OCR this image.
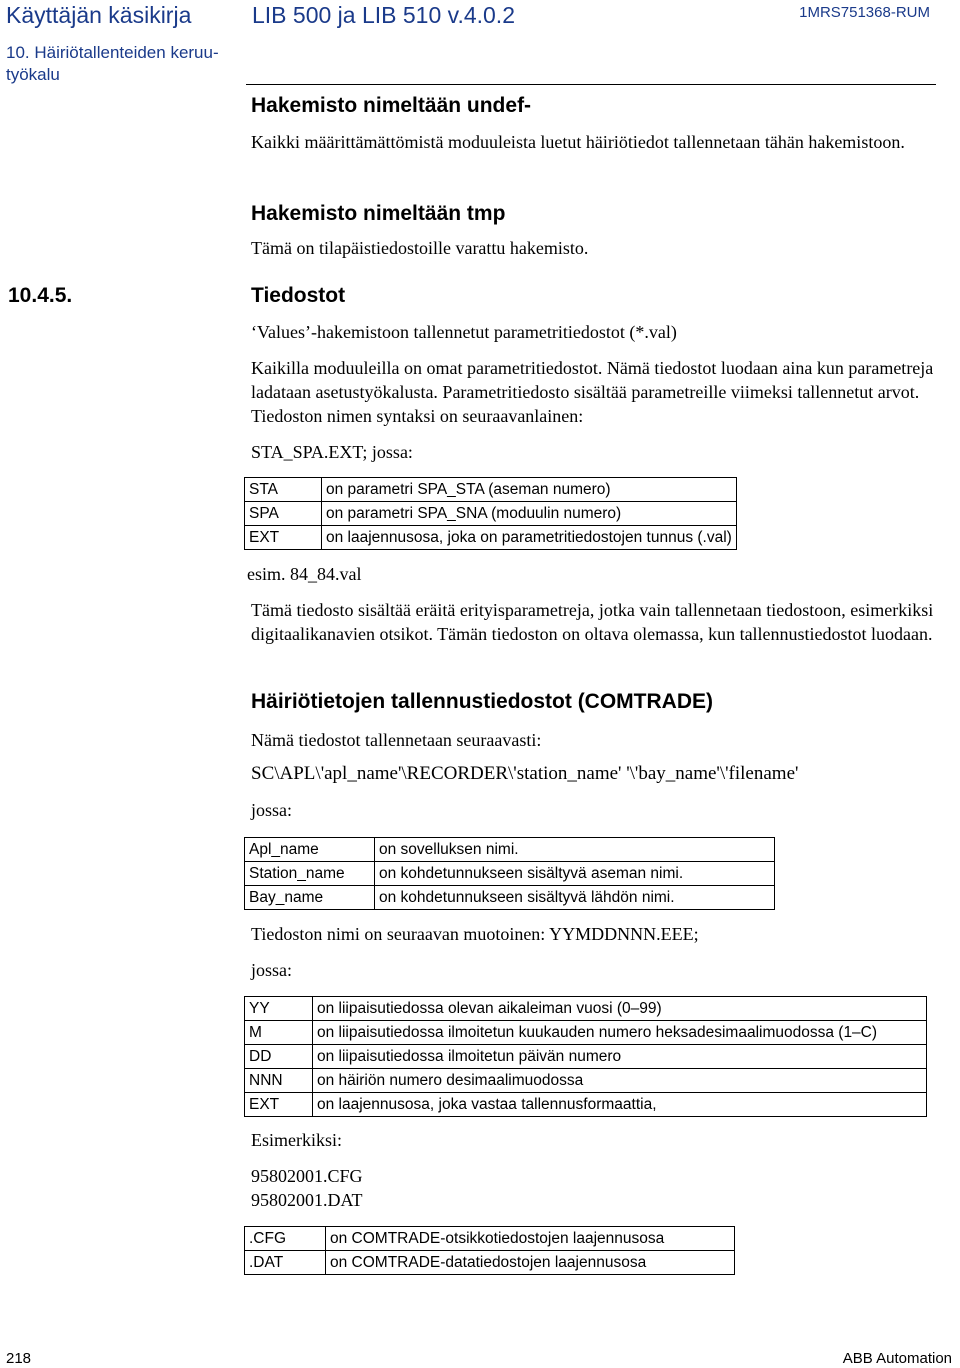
Käyttäjän käsikirja	LIB 500 ja LIB 510 v.4.0.2	1MRS751368-RUM
10. Häiriötallenteiden keruu-työkalu
Hakemisto nimeltään undef-
Kaikki määrittämättömistä moduuleista luetut häiriötiedot tallennetaan tähän hakemistoon.
Hakemisto nimeltään tmp
Tämä on tilapäistiedostoille varattu hakemisto.
10.4.5.	Tiedostot
‘Values’-hakemistoon tallennetut parametritiedostot (*.val)
Kaikilla moduuleilla on omat parametritiedostot. Nämä tiedostot luodaan aina kun parametreja ladataan asetustyökalusta. Parametritiedosto sisältää parametreille viimeksi tallennetut arvot. Tiedoston nimen syntaksi on seuraavanlainen:
STA_SPA.EXT; jossa:
STA	on parametri SPA_STA (aseman numero)
SPA	on parametri SPA_SNA (moduulin numero)
EXT	on laajennusosa, joka on parametritiedostojen tunnus (.val)
esim. 84_84.val
Tämä tiedosto sisältää eräitä erityisparametreja, jotka vain tallennetaan tiedostoon, esimerkiksi digitaalikanavien otsikot. Tämän tiedoston on oltava olemassa, kun tallennustiedostot luodaan.
Häiriötietojen tallennustiedostot (COMTRADE)
Nämä tiedostot tallennetaan seuraavasti:
SC\APL\'apl_name'\RECORDER\'station_name' '\'bay_name'\'filename'
jossa:
Apl_name	on sovelluksen nimi.
Station_name	on kohdetunnukseen sisältyvä aseman nimi.
Bay_name	on kohdetunnukseen sisältyvä lähdön nimi.
Tiedoston nimi on seuraavan muotoinen: YYMDDNNN.EEE;
jossa:
YY	on liipaisutiedossa olevan aikaleiman vuosi (0–99)
M	on liipaisutiedossa ilmoitetun kuukauden numero heksadesimaalimuodossa (1–C)
DD	on liipaisutiedossa ilmoitetun päivän numero
NNN	on häiriön numero desimaalimuodossa
EXT	on laajennusosa, joka vastaa tallennusformaattia,
Esimerkiksi:
95802001.CFG
95802001.DAT
.CFG	on COMTRADE-otsikkotiedostojen laajennusosa
.DAT	on COMTRADE-datatiedostojen laajennusosa
218	ABB Automation
